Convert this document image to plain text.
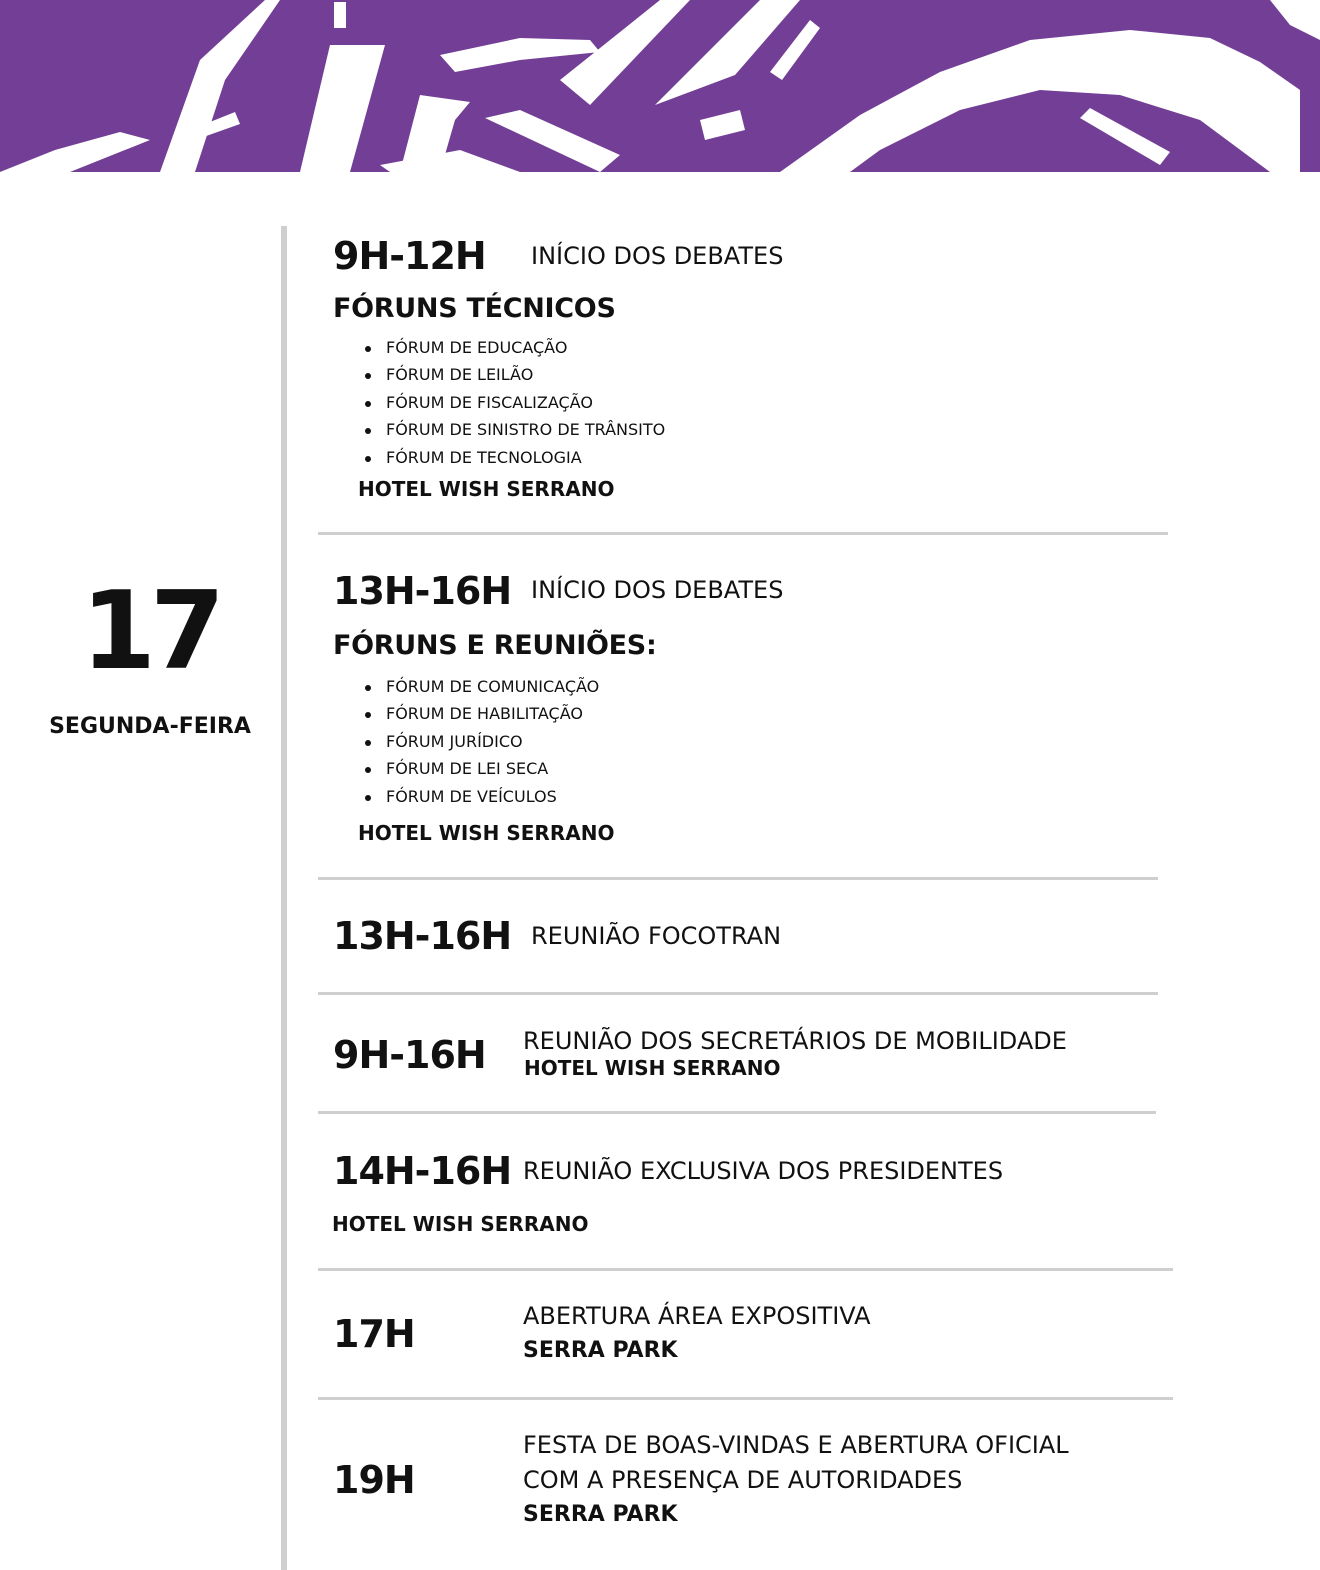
17
SEGUNDA-FEIRA
9H-12H INÍCIO DOS DEBATES
FÓRUNS TÉCNICOS
FÓRUM DE EDUCAÇÃO
FÓRUM DE LEILÃO
FÓRUM DE FISCALIZAÇÃO
FÓRUM DE SINISTRO DE TRÂNSITO
FÓRUM DE TECNOLOGIA
HOTEL WISH SERRANO
13H-16H INÍCIO DOS DEBATES
FÓRUNS E REUNIÕES:
FÓRUM DE COMUNICAÇÃO
FÓRUM DE HABILITAÇÃO
FÓRUM JURÍDICO
FÓRUM DE LEI SECA
FÓRUM DE VEÍCULOS
HOTEL WISH SERRANO
13H-16H REUNIÃO FOCOTRAN
9H-16H REUNIÃO DOS SECRETÁRIOS DE MOBILIDADE
HOTEL WISH SERRANO
14H-16H REUNIÃO EXCLUSIVA DOS PRESIDENTES
HOTEL WISH SERRANO
17H	ABERTURA ÁREA EXPOSITIVA
SERRA PARK
19H
FESTA DE BOAS-VINDAS E ABERTURA OFICIAL
COM A PRESENÇA DE AUTORIDADES
SERRA PARK
